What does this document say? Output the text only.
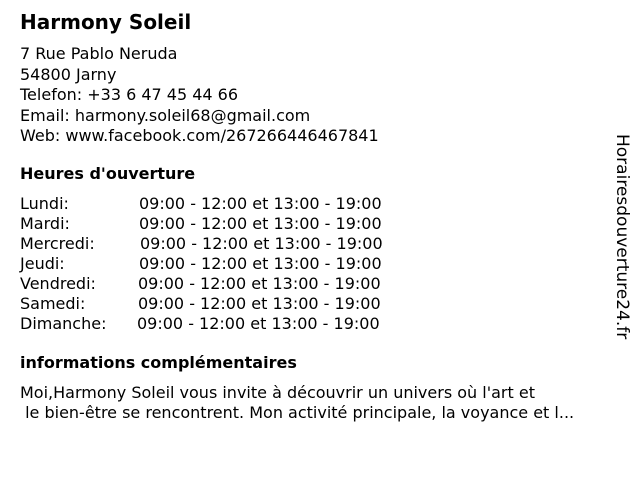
Harmony Soleil
7 Rue Pablo Neruda
54800 Jarny
Telefon: +33 6 47 45 44 66
Email: harmony.soleil68@gmail.com
Web: www.facebook.com/267266446467841
Heures d'ouverture
Lundi:	09:00 - 12:00 et 13:00 - 19:00
Mardi:	09:00 - 12:00 et 13:00 - 19:00
Mercredi:	09:00 - 12:00 et 13:00 - 19:00
Jeudi:	09:00 - 12:00 et 13:00 - 19:00
Vendredi:	09:00 - 12:00 et 13:00 - 19:00
Samedi:	09:00 - 12:00 et 13:00 - 19:00
Dimanche: 09:00 - 12:00 et 13:00 - 19:00
informations complémentaires
Moi,Harmony Soleil vous invite à découvrir un univers où l'art et
le bien-être se rencontrent. Mon activité principale, la voyance et l...
Horairesdouverture24.fr
